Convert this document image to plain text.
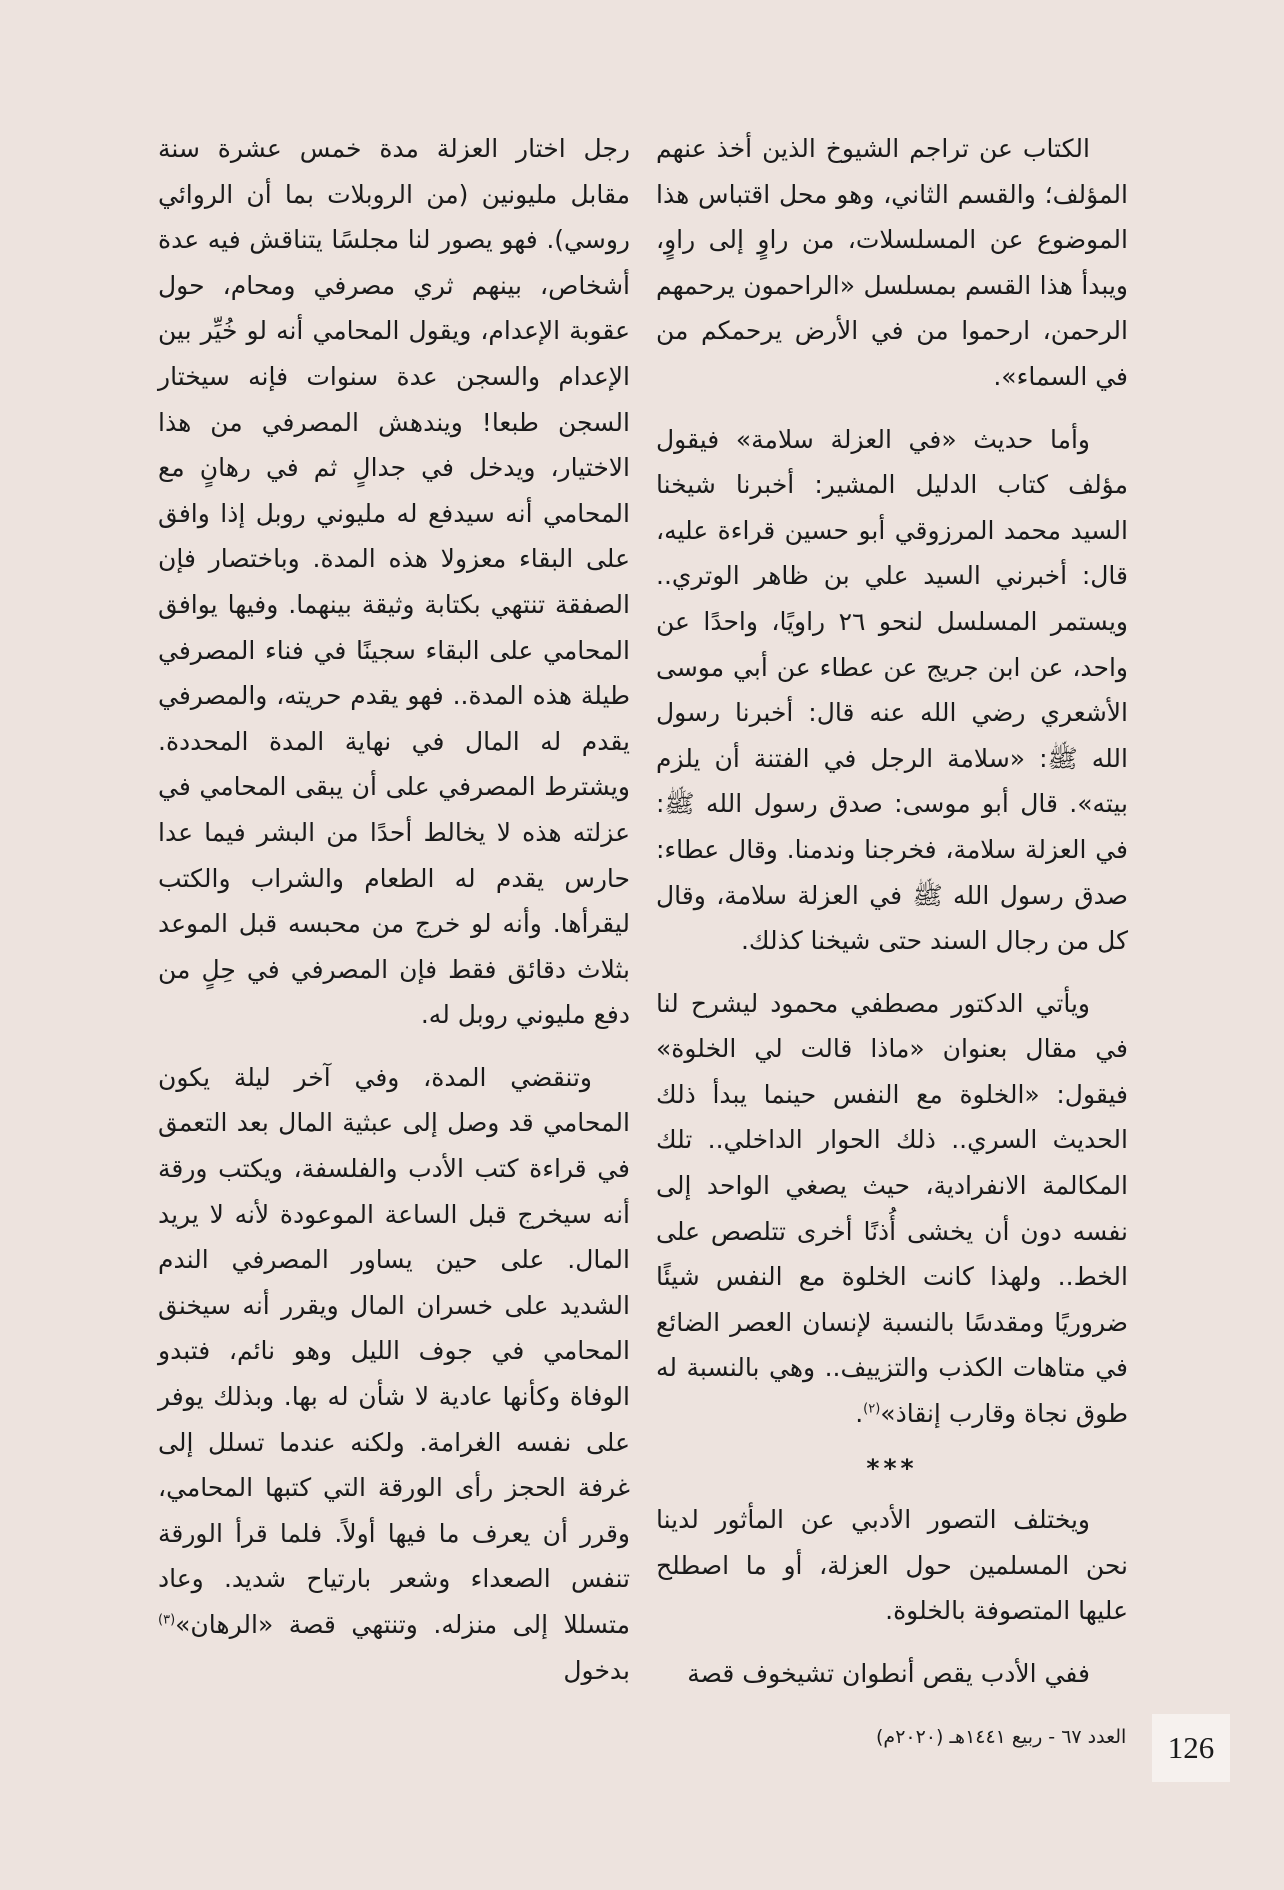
الكتاب عن تراجم الشيوخ الذين أخذ عنهم المؤلف؛ والقسم الثاني، وهو محل اقتباس هذا الموضوع عن المسلسلات، من راوٍ إلى راوٍ، ويبدأ هذا القسم بمسلسل «الراحمون يرحمهم الرحمن، ارحموا من في الأرض يرحمكم من في السماء».

وأما حديث «في العزلة سلامة» فيقول مؤلف كتاب الدليل المشير: أخبرنا شيخنا السيد محمد المرزوقي أبو حسين قراءة عليه، قال: أخبرني السيد علي بن ظاهر الوتري.. ويستمر المسلسل لنحو ٢٦ راويًا، واحدًا عن واحد، عن ابن جريج عن عطاء عن أبي موسى الأشعري رضي الله عنه قال: أخبرنا رسول الله ﷺ: «سلامة الرجل في الفتنة أن يلزم بيته». قال أبو موسى: صدق رسول الله ﷺ: في العزلة سلامة، فخرجنا وندمنا. وقال عطاء: صدق رسول الله ﷺ في العزلة سلامة، وقال كل من رجال السند حتى شيخنا كذلك.

ويأتي الدكتور مصطفي محمود ليشرح لنا في مقال بعنوان «ماذا قالت لي الخلوة» فيقول: «الخلوة مع النفس حينما يبدأ ذلك الحديث السري.. ذلك الحوار الداخلي.. تلك المكالمة الانفرادية، حيث يصغي الواحد إلى نفسه دون أن يخشى أُذنًا أخرى تتلصص على الخط.. ولهذا كانت الخلوة مع النفس شيئًا ضروريًا ومقدسًا بالنسبة لإنسان العصر الضائع في متاهات الكذب والتزييف.. وهي بالنسبة له طوق نجاة وقارب إنقاذ»$^{(٢)}$.

***

ويختلف التصور الأدبي عن المأثور لدينا نحن المسلمين حول العزلة، أو ما اصطلح عليها المتصوفة بالخلوة.

ففي الأدب يقص أنطوان تشيخوف قصة

رجل اختار العزلة مدة خمس عشرة سنة مقابل مليونين (من الروبلات بما أن الروائي روسي). فهو يصور لنا مجلسًا يتناقش فيه عدة أشخاص، بينهم ثري مصرفي ومحام، حول عقوبة الإعدام، ويقول المحامي أنه لو خُيِّر بين الإعدام والسجن عدة سنوات فإنه سيختار السجن طبعا! ويندهش المصرفي من هذا الاختيار، ويدخل في جدالٍ ثم في رهانٍ مع المحامي أنه سيدفع له مليوني روبل إذا وافق على البقاء معزولا هذه المدة. وباختصار فإن الصفقة تنتهي بكتابة وثيقة بينهما. وفيها يوافق المحامي على البقاء سجينًا في فناء المصرفي طيلة هذه المدة.. فهو يقدم حريته، والمصرفي يقدم له المال في نهاية المدة المحددة. ويشترط المصرفي على أن يبقى المحامي في عزلته هذه لا يخالط أحدًا من البشر فيما عدا حارس يقدم له الطعام والشراب والكتب ليقرأها. وأنه لو خرج من محبسه قبل الموعد بثلاث دقائق فقط فإن المصرفي في حِلٍ من دفع مليوني روبل له.

وتنقضي المدة، وفي آخر ليلة يكون المحامي قد وصل إلى عبثية المال بعد التعمق في قراءة كتب الأدب والفلسفة، ويكتب ورقة أنه سيخرج قبل الساعة الموعودة لأنه لا يريد المال. على حين يساور المصرفي الندم الشديد على خسران المال ويقرر أنه سيخنق المحامي في جوف الليل وهو نائم، فتبدو الوفاة وكأنها عادية لا شأن له بها. وبذلك يوفر على نفسه الغرامة. ولكنه عندما تسلل إلى غرفة الحجز رأى الورقة التي كتبها المحامي، وقرر أن يعرف ما فيها أولاً. فلما قرأ الورقة تنفس الصعداء وشعر بارتياح شديد. وعاد متسللا إلى منزله. وتنتهي قصة «الرهان»$^{(٣)}$ بدخول

العدد ٦٧ - ربيع ١٤٤١هـ (٢٠٢٠م) 126
